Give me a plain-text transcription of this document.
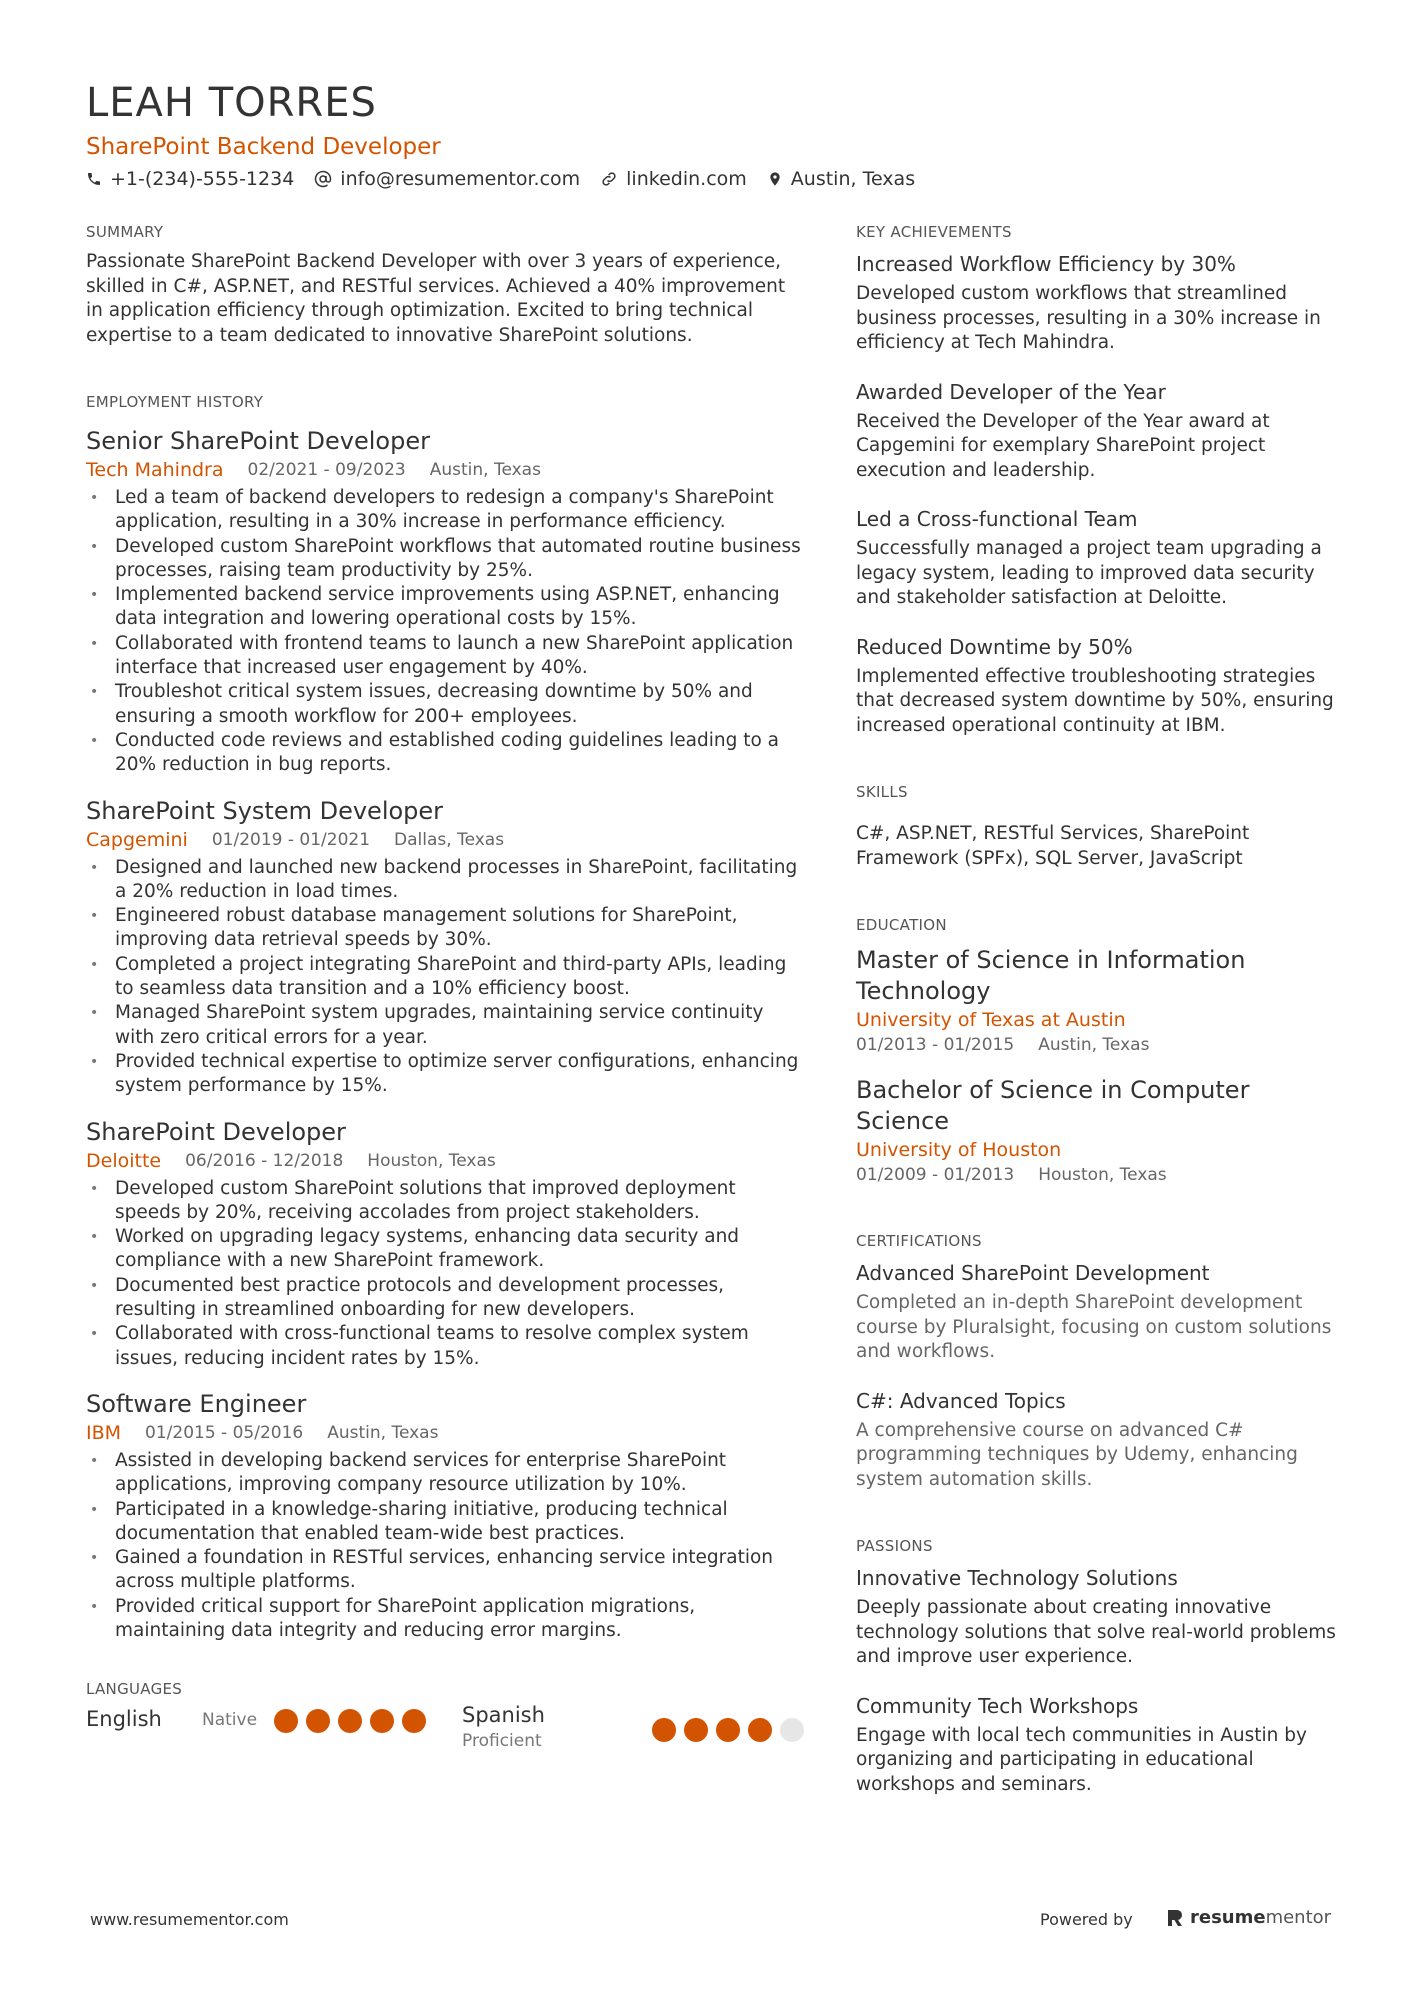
LEAH TORRES
SharePoint Backend Developer
+1-(234)-555-1234 info@resumementor.com linkedin.com Austin, Texas
SUMMARY
Passionate SharePoint Backend Developer with over 3 years of experience, skilled in C#, ASP.NET, and RESTful services. Achieved a 40% improvement in application efficiency through optimization. Excited to bring technical expertise to a team dedicated to innovative SharePoint solutions.
EMPLOYMENT HISTORY
Senior SharePoint Developer
Tech Mahindra 02/2021 - 09/2023 Austin, Texas
• Led a team of backend developers to redesign a company's SharePoint application, resulting in a 30% increase in performance efficiency.
• Developed custom SharePoint workflows that automated routine business processes, raising team productivity by 25%.
• Implemented backend service improvements using ASP.NET, enhancing data integration and lowering operational costs by 15%.
• Collaborated with frontend teams to launch a new SharePoint application interface that increased user engagement by 40%.
• Troubleshot critical system issues, decreasing downtime by 50% and ensuring a smooth workflow for 200+ employees.
• Conducted code reviews and established coding guidelines leading to a 20% reduction in bug reports.
SharePoint System Developer
Capgemini 01/2019 - 01/2021 Dallas, Texas
• Designed and launched new backend processes in SharePoint, facilitating a 20% reduction in load times.
• Engineered robust database management solutions for SharePoint, improving data retrieval speeds by 30%.
• Completed a project integrating SharePoint and third-party APIs, leading to seamless data transition and a 10% efficiency boost.
• Managed SharePoint system upgrades, maintaining service continuity with zero critical errors for a year.
• Provided technical expertise to optimize server configurations, enhancing system performance by 15%.
SharePoint Developer
Deloitte 06/2016 - 12/2018 Houston, Texas
• Developed custom SharePoint solutions that improved deployment speeds by 20%, receiving accolades from project stakeholders.
• Worked on upgrading legacy systems, enhancing data security and compliance with a new SharePoint framework.
• Documented best practice protocols and development processes, resulting in streamlined onboarding for new developers.
• Collaborated with cross-functional teams to resolve complex system issues, reducing incident rates by 15%.
Software Engineer
IBM 01/2015 - 05/2016 Austin, Texas
• Assisted in developing backend services for enterprise SharePoint applications, improving company resource utilization by 10%.
• Participated in a knowledge-sharing initiative, producing technical documentation that enabled team-wide best practices.
• Gained a foundation in RESTful services, enhancing service integration across multiple platforms.
• Provided critical support for SharePoint application migrations, maintaining data integrity and reducing error margins.
LANGUAGES
English Native	Spanish
Proficient
KEY ACHIEVEMENTS
Increased Workflow Efficiency by 30%
Developed custom workflows that streamlined business processes, resulting in a 30% increase in efficiency at Tech Mahindra.
Awarded Developer of the Year
Received the Developer of the Year award at Capgemini for exemplary SharePoint project execution and leadership.
Led a Cross-functional Team
Successfully managed a project team upgrading a legacy system, leading to improved data security and stakeholder satisfaction at Deloitte.
Reduced Downtime by 50%
Implemented effective troubleshooting strategies that decreased system downtime by 50%, ensuring increased operational continuity at IBM.
SKILLS
C#, ASP.NET, RESTful Services, SharePoint Framework (SPFx), SQL Server, JavaScript
EDUCATION
Master of Science in Information Technology
University of Texas at Austin
01/2013 - 01/2015 Austin, Texas
Bachelor of Science in Computer Science
University of Houston
01/2009 - 01/2013 Houston, Texas
CERTIFICATIONS
Advanced SharePoint Development
Completed an in-depth SharePoint development course by Pluralsight, focusing on custom solutions and workflows.
C#: Advanced Topics
A comprehensive course on advanced C# programming techniques by Udemy, enhancing system automation skills.
PASSIONS
Innovative Technology Solutions
Deeply passionate about creating innovative technology solutions that solve real-world problems and improve user experience.
Community Tech Workshops
Engage with local tech communities in Austin by organizing and participating in educational workshops and seminars.
www.resumementor.com	Powered by	resume mentor
